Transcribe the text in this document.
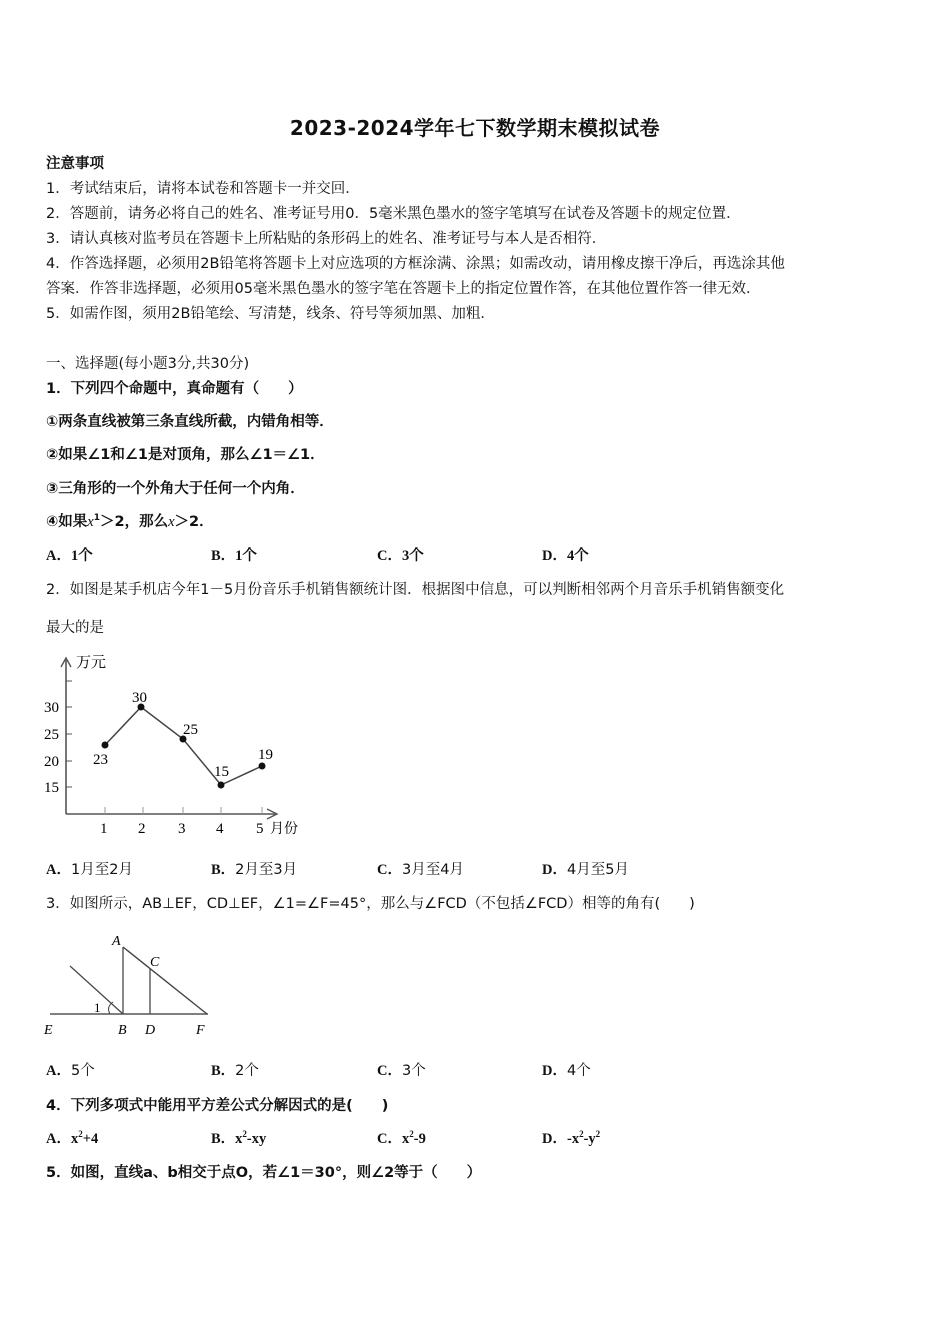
2023-2024学年七下数学期末模拟试卷
注意事项
1．考试结束后，请将本试卷和答题卡一并交回．
2．答题前，请务必将自己的姓名、准考证号用0．5毫米黑色墨水的签字笔填写在试卷及答题卡的规定位置．
3．请认真核对监考员在答题卡上所粘贴的条形码上的姓名、准考证号与本人是否相符．
4．作答选择题，必须用2B铅笔将答题卡上对应选项的方框涂满、涂黑；如需改动，请用橡皮擦干净后，再选涂其他
答案．作答非选择题，必须用05毫米黑色墨水的签字笔在答题卡上的指定位置作答，在其他位置作答一律无效．
5．如需作图，须用2B铅笔绘、写清楚，线条、符号等须加黑、加粗．
一、选择题(每小题3分,共30分)
1．下列四个命题中，真命题有（　　）
①两条直线被第三条直线所截，内错角相等．
②如果∠1和∠1是对顶角，那么∠1＝∠1．
③三角形的一个外角大于任何一个内角．
④如果$x^1>2$，那么x＞2．
A．1个	B．1个	C．3个	D．4个
2．如图是某手机店今年1－5月份音乐手机销售额统计图．根据图中信息，可以判断相邻两个月音乐手机销售额变化
最大的是
万元
月份
30
25
20
15
1 2 3 4 5
23
30
25
15
19
A．1月至2月	B．2月至3月	C．3月至4月	D．4月至5月
3．如图所示，AB⊥EF，CD⊥EF，∠1=∠F=45°，那么与∠FCD（不包括∠FCD）相等的角有(　　)
1
A
C
E	B D	F
A．5个	B．2个	C．3个	D．4个
4．下列多项式中能用平方差公式分解因式的是(　　)
A．$x^2+4$	B．$x^2-xy$	C．$x^2-9$	D．$-x^2-y^2$
5．如图，直线a、b相交于点O，若∠1＝30°，则∠2等于（　　）
